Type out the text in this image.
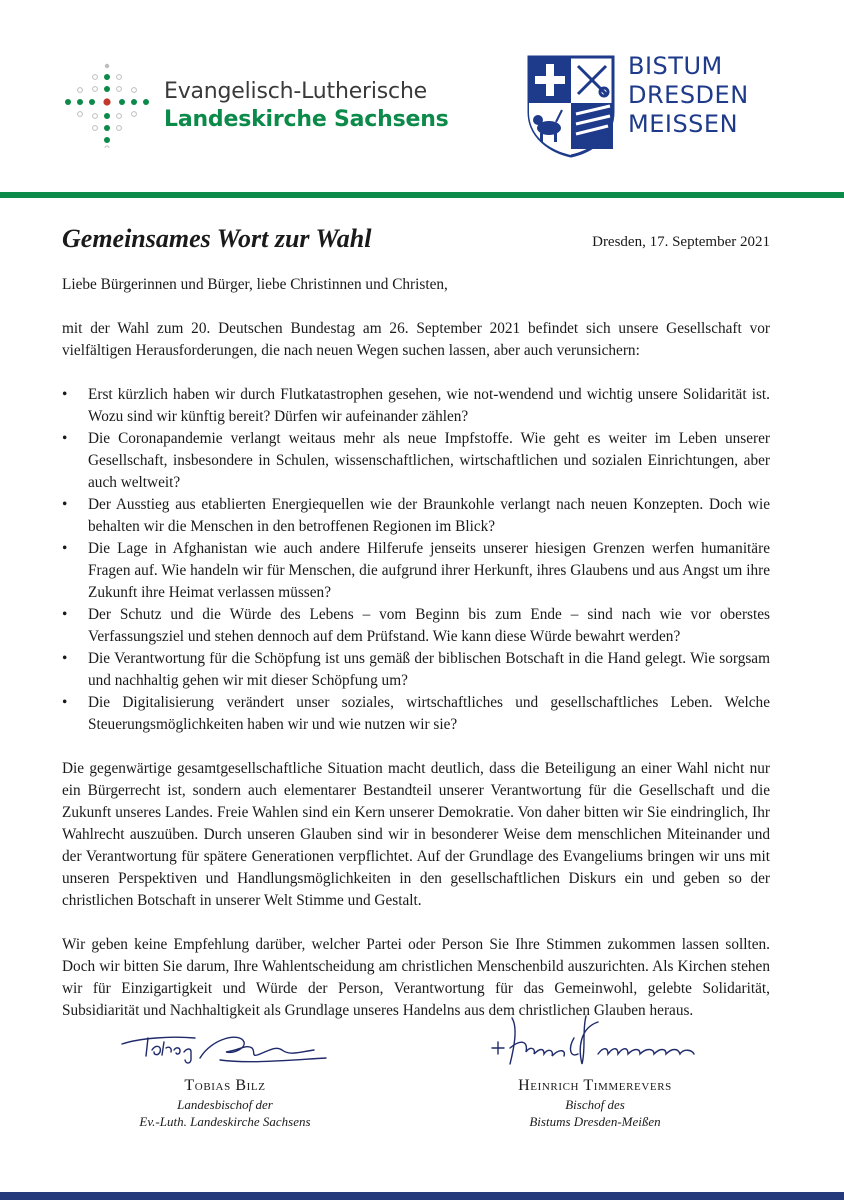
Evangelisch-Lutherische
Landeskirche Sachsens
BISTUM
DRESDEN
MEISSEN
Gemeinsames Wort zur Wahl	Dresden, 17. September 2021

Liebe Bürgerinnen und Bürger, liebe Christinnen und Christen,

mit der Wahl zum 20. Deutschen Bundestag am 26. September 2021 befindet sich unsere Gesellschaft vor vielfältigen Herausforderungen, die nach neuen Wegen suchen lassen, aber auch verunsichern:

• Erst kürzlich haben wir durch Flutkatastrophen gesehen, wie not-wendend und wichtig unsere Solidarität ist. Wozu sind wir künftig bereit? Dürfen wir aufeinander zählen?
• Die Coronapandemie verlangt weitaus mehr als neue Impfstoffe. Wie geht es weiter im Leben unserer Gesellschaft, insbesondere in Schulen, wissenschaftlichen, wirtschaftlichen und sozialen Einrichtungen, aber auch weltweit?
• Der Ausstieg aus etablierten Energiequellen wie der Braunkohle verlangt nach neuen Konzepten. Doch wie behalten wir die Menschen in den betroffenen Regionen im Blick?
• Die Lage in Afghanistan wie auch andere Hilferufe jenseits unserer hiesigen Grenzen werfen humanitäre Fragen auf. Wie handeln wir für Menschen, die aufgrund ihrer Herkunft, ihres Glaubens und aus Angst um ihre Zukunft ihre Heimat verlassen müssen?
• Der Schutz und die Würde des Lebens – vom Beginn bis zum Ende – sind nach wie vor oberstes Verfassungsziel und stehen dennoch auf dem Prüfstand. Wie kann diese Würde bewahrt werden?
• Die Verantwortung für die Schöpfung ist uns gemäß der biblischen Botschaft in die Hand gelegt. Wie sorgsam und nachhaltig gehen wir mit dieser Schöpfung um?
• Die Digitalisierung verändert unser soziales, wirtschaftliches und gesellschaftliches Leben. Welche Steuerungsmöglichkeiten haben wir und wie nutzen wir sie?

Die gegenwärtige gesamtgesellschaftliche Situation macht deutlich, dass die Beteiligung an einer Wahl nicht nur ein Bürgerrecht ist, sondern auch elementarer Bestandteil unserer Verantwortung für die Gesellschaft und die Zukunft unseres Landes. Freie Wahlen sind ein Kern unserer Demokratie. Von daher bitten wir Sie eindringlich, Ihr Wahlrecht auszuüben. Durch unseren Glauben sind wir in besonderer Weise dem menschlichen Miteinander und der Verantwortung für spätere Generationen verpflichtet. Auf der Grundlage des Evangeliums bringen wir uns mit unseren Perspektiven und Handlungsmöglichkeiten in den gesellschaftlichen Diskurs ein und geben so der christlichen Botschaft in unserer Welt Stimme und Gestalt.

Wir geben keine Empfehlung darüber, welcher Partei oder Person Sie Ihre Stimmen zukommen lassen sollten. Doch wir bitten Sie darum, Ihre Wahlentscheidung am christlichen Menschenbild auszurichten. Als Kirchen stehen wir für Einzigartigkeit und Würde der Person, Verantwortung für das Gemeinwohl, gelebte Solidarität, Subsidiarität und Nachhaltigkeit als Grundlage unseres Handelns aus dem christlichen Glauben heraus.

Tobias Bilz
Landesbischof der
Ev.-Luth. Landeskirche Sachsens
Heinrich Timmerevers
Bischof des
Bistums Dresden-Meißen
